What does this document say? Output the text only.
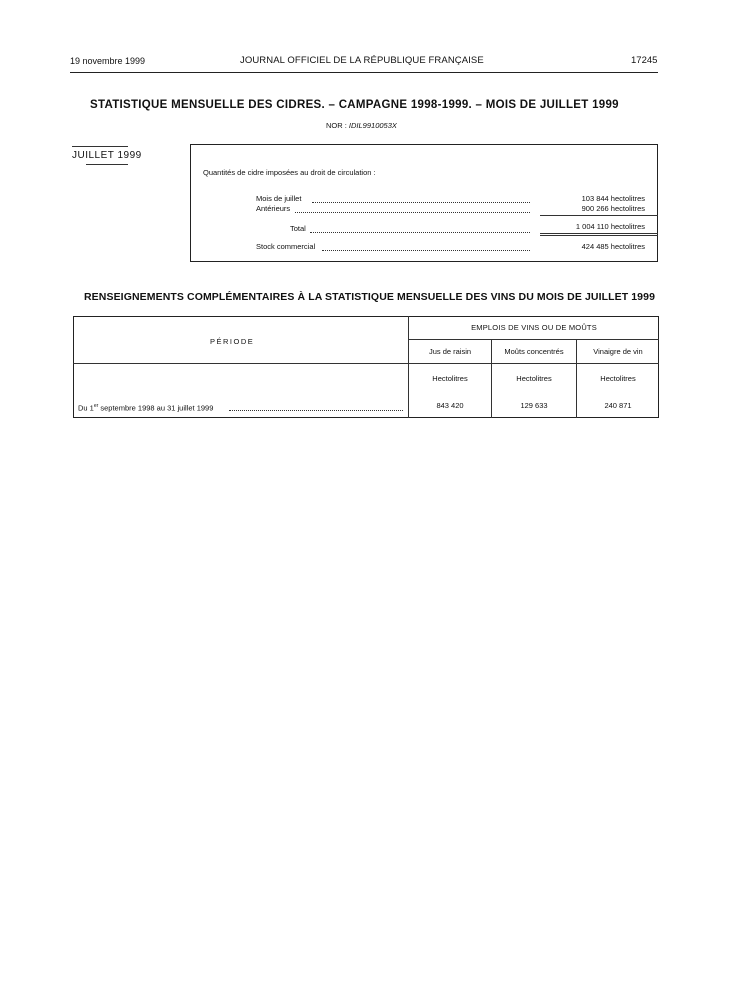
19 novembre 1999	JOURNAL OFFICIEL DE LA RÉPUBLIQUE FRANÇAISE	17245
STATISTIQUE MENSUELLE DES CIDRES. – CAMPAGNE 1998-1999. – MOIS DE JUILLET 1999
NOR : IDIL9910053X
JUILLET 1999
Quantités de cidre imposées au droit de circulation :
Mois de juillet	103 844 hectolitres
Antérieurs	900 266 hectolitres
Total	1 004 110 hectolitres
Stock commercial	424 485 hectolitres
RENSEIGNEMENTS COMPLÉMENTAIRES À LA STATISTIQUE MENSUELLE DES VINS DU MOIS DE JUILLET 1999
PÉRIODE
EMPLOIS DE VINS OU DE MOÛTS
Jus de raisin	Moûts concentrés	Vinaigre de vin
Hectolitres	Hectolitres	Hectolitres
Du 1er septembre 1998 au 31 juillet 1999	843 420	129 633	240 871
